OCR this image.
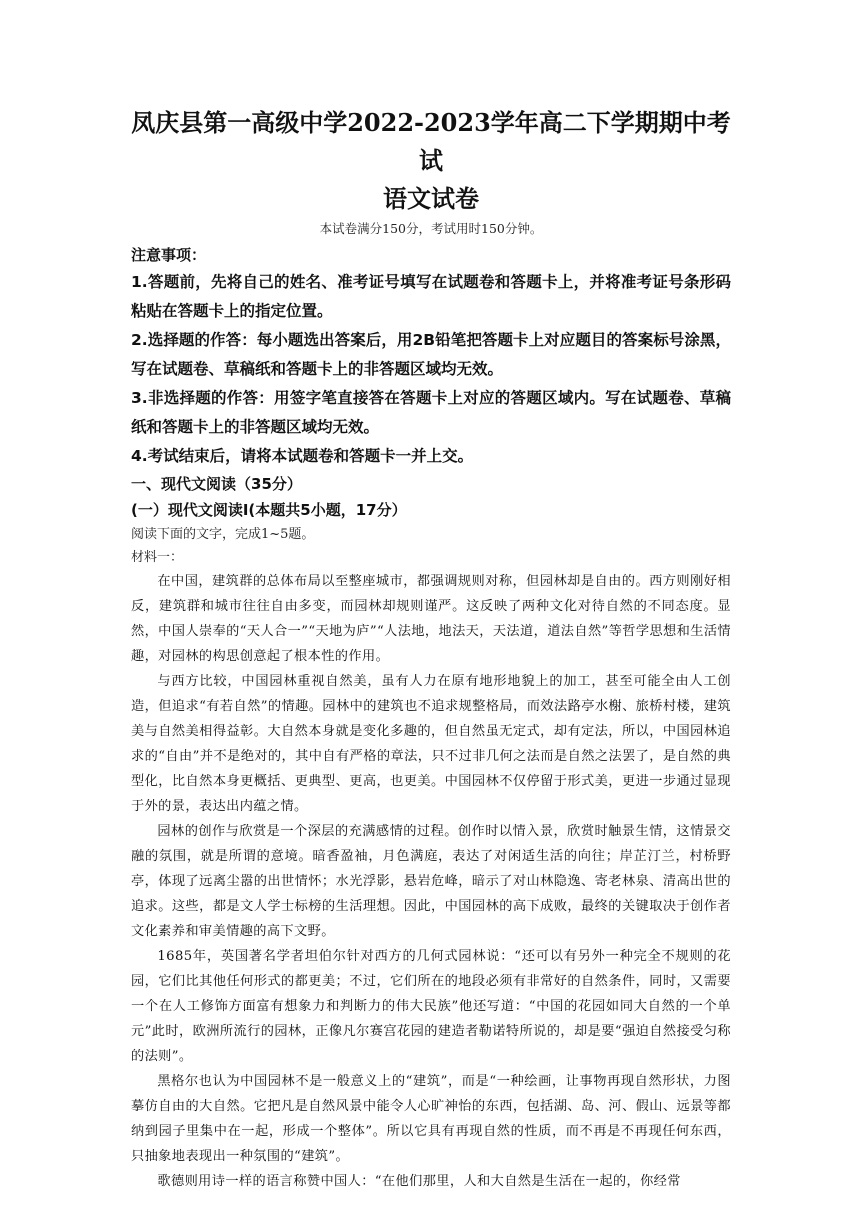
凤庆县第一高级中学2022-2023学年高二下学期期中考试
语文试卷

本试卷满分150分，考试用时150分钟。

注意事项：

1.答题前，先将自己的姓名、准考证号填写在试题卷和答题卡上，并将准考证号条形码粘贴在答题卡上的指定位置。

2.选择题的作答：每小题选出答案后，用2B铅笔把答题卡上对应题目的答案标号涂黑，写在试题卷、草稿纸和答题卡上的非答题区域均无效。

3.非选择题的作答：用签字笔直接答在答题卡上对应的答题区域内。写在试题卷、草稿纸和答题卡上的非答题区域均无效。

4.考试结束后，请将本试题卷和答题卡一并上交。

一、现代文阅读（35分）

(一）现代文阅读Ⅰ(本题共5小题，17分）

阅读下面的文字，完成1~5题。

材料一：

在中国，建筑群的总体布局以至整座城市，都强调规则对称，但园林却是自由的。西方则刚好相反，建筑群和城市往往自由多变，而园林却规则谨严。这反映了两种文化对待自然的不同态度。显然，中国人崇奉的“天人合一”“天地为庐”“人法地，地法天，天法道，道法自然”等哲学思想和生活情趣，对园林的构思创意起了根本性的作用。

与西方比较，中国园林重视自然美，虽有人力在原有地形地貌上的加工，甚至可能全由人工创造，但追求“有若自然”的情趣。园林中的建筑也不追求规整格局，而效法路亭水榭、旅桥村楼，建筑美与自然美相得益彰。大自然本身就是变化多趣的，但自然虽无定式，却有定法，所以，中国园林追求的“自由”并不是绝对的，其中自有严格的章法，只不过非几何之法而是自然之法罢了，是自然的典型化，比自然本身更概括、更典型、更高，也更美。中国园林不仅停留于形式美，更进一步通过显现于外的景，表达出内蕴之情。

园林的创作与欣赏是一个深层的充满感情的过程。创作时以情入景，欣赏时触景生情，这情景交融的氛围，就是所谓的意境。暗香盈袖，月色满庭，表达了对闲适生活的向往；岸芷汀兰，村桥野亭，体现了远离尘嚣的出世情怀；水光浮影，悬岩危峰，暗示了对山林隐逸、寄老林泉、清高出世的追求。这些，都是文人学士标榜的生活理想。因此，中国园林的高下成败，最终的关键取决于创作者文化素养和审美情趣的高下文野。

1685年，英国著名学者坦伯尔针对西方的几何式园林说：“还可以有另外一种完全不规则的花园，它们比其他任何形式的都更美；不过，它们所在的地段必须有非常好的自然条件，同时，又需要一个在人工修饰方面富有想象力和判断力的伟大民族”他还写道：“中国的花园如同大自然的一个单元”此时，欧洲所流行的园林，正像凡尔赛宫花园的建造者勒诺特所说的，却是要“强迫自然接受匀称的法则”。

黑格尔也认为中国园林不是一般意义上的“建筑”，而是“一种绘画，让事物再现自然形状，力图摹仿自由的大自然。它把凡是自然风景中能令人心旷神怡的东西，包括湖、岛、河、假山、远景等都纳到园子里集中在一起，形成一个整体”。所以它具有再现自然的性质，而不再是不再现任何东西，只抽象地表现出一种氛围的“建筑”。

歌德则用诗一样的语言称赞中国人：“在他们那里，人和大自然是生活在一起的，你经常
